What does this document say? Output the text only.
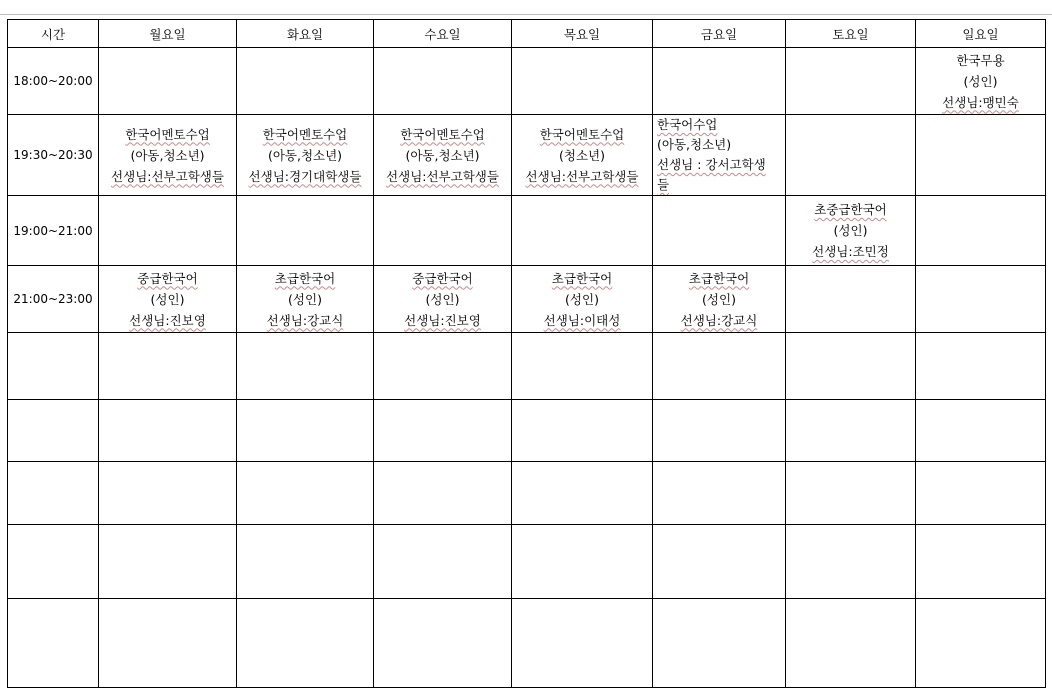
시간	월요일	화요일	수요일	목요일	금요일	토요일	일요일
18:00~20:00							한국무용
(성인)
선생님:맹민숙

19:30~20:30	한국어멘토수업
(아동,청소년)
선생님:선부고학생들	한국어멘토수업
(아동,청소년)
선생님:경기대학생들	한국어멘토수업
(아동,청소년)
선생님:선부고학생들	한국어멘토수업
(청소년)
선생님:선부고학생들	한국어수업
(아동,청소년)
선생님 : 강서고학생
들		

19:00~21:00						초중급한국어
(성인)
선생님:조민정	

21:00~23:00	중급한국어
(성인)
선생님:진보영	초급한국어
(성인)
선생님:강교식	중급한국어
(성인)
선생님:진보영	초급한국어
(성인)
선생님:이태성	초급한국어
(성인)
선생님:강교식		
